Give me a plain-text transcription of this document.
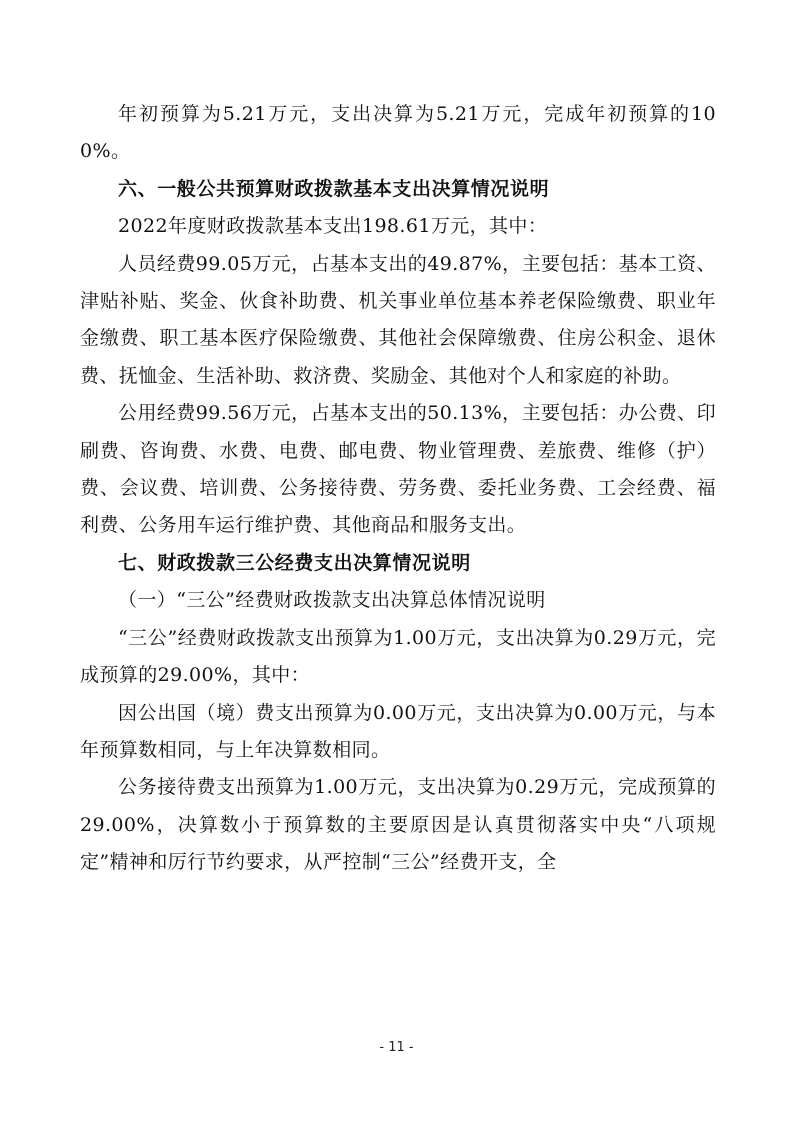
年初预算为5.21万元，支出决算为5.21万元，完成年初预算的100%。

六、一般公共预算财政拨款基本支出决算情况说明

2022年度财政拨款基本支出198.61万元，其中：

人员经费99.05万元，占基本支出的49.87%，主要包括：基本工资、津贴补贴、奖金、伙食补助费、机关事业单位基本养老保险缴费、职业年金缴费、职工基本医疗保险缴费、其他社会保障缴费、住房公积金、退休费、抚恤金、生活补助、救济费、奖励金、其他对个人和家庭的补助。

公用经费99.56万元，占基本支出的50.13%，主要包括：办公费、印刷费、咨询费、水费、电费、邮电费、物业管理费、差旅费、维修（护）费、会议费、培训费、公务接待费、劳务费、委托业务费、工会经费、福利费、公务用车运行维护费、其他商品和服务支出。

七、财政拨款三公经费支出决算情况说明

（一）“三公”经费财政拨款支出决算总体情况说明

“三公”经费财政拨款支出预算为1.00万元，支出决算为0.29万元，完成预算的29.00%，其中：

因公出国（境）费支出预算为0.00万元，支出决算为0.00万元，与本年预算数相同，与上年决算数相同。

公务接待费支出预算为1.00万元，支出决算为0.29万元，完成预算的29.00%，决算数小于预算数的主要原因是认真贯彻落实中央“八项规定”精神和厉行节约要求，从严控制“三公”经费开支，全

- 11 -
